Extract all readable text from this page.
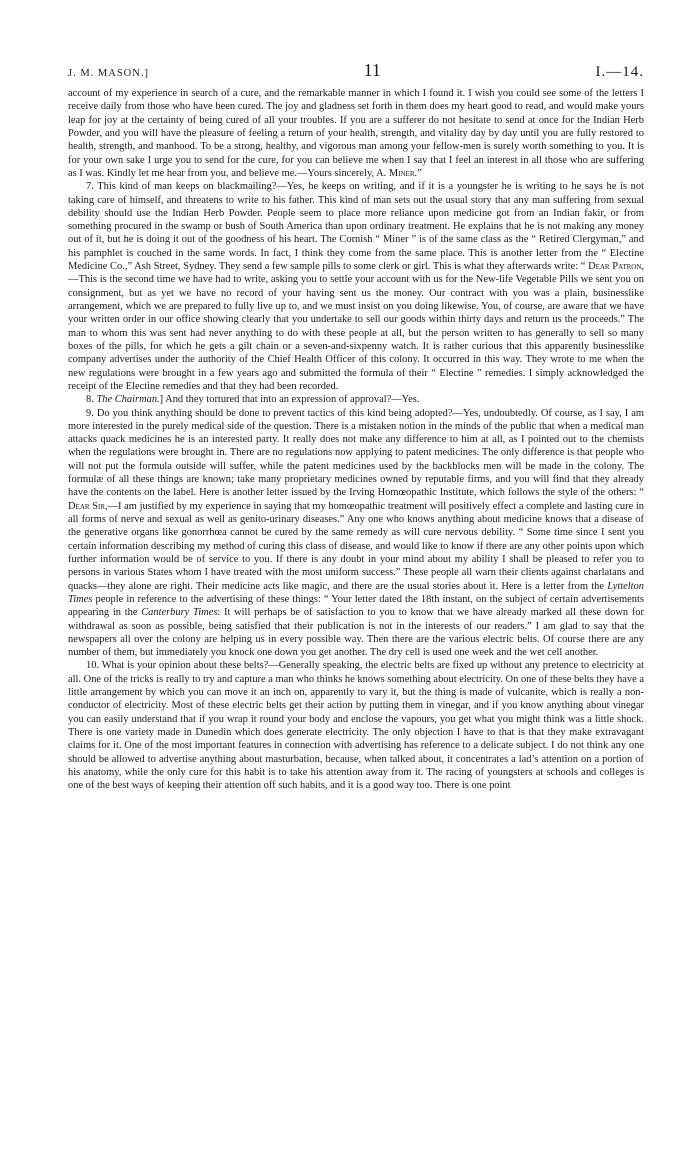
J. M. MASON.]	11	I.—14.

account of my experience in search of a cure, and the remarkable manner in which I found it. I wish you could see some of the letters I receive daily from those who have been cured. The joy and gladness set forth in them does my heart good to read, and would make yours leap for joy at the certainty of being cured of all your troubles. If you are a sufferer do not hesitate to send at once for the Indian Herb Powder, and you will have the pleasure of feeling a return of your health, strength, and vitality day by day until you are fully restored to health, strength, and manhood. To be a strong, healthy, and vigorous man among your fellow-men is surely worth something to you. It is for your own sake I urge you to send for the cure, for you can believe me when I say that I feel an interest in all those who are suffering as I was. Kindly let me hear from you, and believe me.—Yours sincerely, A. Miner.”

7. This kind of man keeps on blackmailing?—Yes, he keeps on writing, and if it is a youngster he is writing to he says he is not taking care of himself, and threatens to write to his father. This kind of man sets out the usual story that any man suffering from sexual debility should use the Indian Herb Powder. People seem to place more reliance upon medicine got from an Indian fakir, or from something procured in the swamp or bush of South America than upon ordinary treatment. He explains that he is not making any money out of it, but he is doing it out of the goodness of his heart. The Cornish “ Miner ” is of the same class as the “ Retired Clergyman,” and his pamphlet is couched in the same words. In fact, I think they come from the same place. This is another letter from the “ Electine Medicine Co.,” Ash Street, Sydney. They send a few sample pills to some clerk or girl. This is what they afterwards write: “ Dear Patron,—This is the second time we have had to write, asking you to settle your account with us for the New-life Vegetable Pills we sent you on consignment, but as yet we have no record of your having sent us the money. Our contract with you was a plain, businesslike arrangement, which we are prepared to fully live up to, and we must insist on you doing likewise. You, of course, are aware that we have your written order in our office showing clearly that you undertake to sell our goods within thirty days and return us the proceeds.” The man to whom this was sent had never anything to do with these people at all, but the person written to has generally to sell so many boxes of the pills, for which he gets a gilt chain or a seven-and-sixpenny watch. It is rather curious that this apparently businesslike company advertises under the authority of the Chief Health Officer of this colony. It occurred in this way. They wrote to me when the new regulations were brought in a few years ago and submitted the formula of their “ Electine ” remedies. I simply acknowledged the receipt of the Electine remedies and that they had been recorded.

8. The Chairman.] And they tortured that into an expression of approval?—Yes.

9. Do you think anything should be done to prevent tactics of this kind being adopted?—Yes, undoubtedly. Of course, as I say, I am more interested in the purely medical side of the question. There is a mistaken notion in the minds of the public that when a medical man attacks quack medicines he is an interested party. It really does not make any difference to him at all, as I pointed out to the chemists when the regulations were brought in. There are no regulations now applying to patent medicines. The only difference is that people who will not put the formula outside will suffer, while the patent medicines used by the backblocks men will be made in the colony. The formulæ of all these things are known; take many proprietary medicines owned by reputable firms, and you will find that they already have the contents on the label. Here is another letter issued by the Irving Homœopathic Institute, which follows the style of the others: “ Dear Sir,—I am justified by my experience in saying that my homœopathic treatment will positively effect a complete and lasting cure in all forms of nerve and sexual as well as genito-urinary diseases.” Any one who knows anything about medicine knows that a disease of the generative organs like gonorrhœa cannot be cured by the same remedy as will cure nervous debility. “ Some time since I sent you certain information describing my method of curing this class of disease, and would like to know if there are any other points upon which further information would be of service to you. If there is any doubt in your mind about my ability I shall be pleased to refer you to persons in various States whom I have treated with the most uniform success.” These people all warn their clients against charlatans and quacks—they alone are right. Their medicine acts like magic, and there are the usual stories about it. Here is a letter from the Lyttelton Times people in reference to the advertising of these things: “ Your letter dated the 18th instant, on the subject of certain advertisements appearing in the Canterbury Times: It will perhaps be of satisfaction to you to know that we have already marked all these down for withdrawal as soon as possible, being satisfied that their publication is not in the interests of our readers.” I am glad to say that the newspapers all over the colony are helping us in every possible way. Then there are the various electric belts. Of course there are any number of them, but immediately you knock one down you get another. The dry cell is used one week and the wet cell another.

10. What is your opinion about these belts?—Generally speaking, the electric belts are fixed up without any pretence to electricity at all. One of the tricks is really to try and capture a man who thinks he knows something about electricity. On one of these belts they have a little arrangement by which you can move it an inch on, apparently to vary it, but the thing is made of vulcanite, which is really a non-conductor of electricity. Most of these electric belts get their action by putting them in vinegar, and if you know anything about vinegar you can easily understand that if you wrap it round your body and enclose the vapours, you get what you might think was a little shock. There is one variety made in Dunedin which does generate electricity. The only objection I have to that is that they make extravagant claims for it. One of the most important features in connection with advertising has reference to a delicate subject. I do not think any one should be allowed to advertise anything about masturbation, because, when talked about, it concentrates a lad’s attention on a portion of his anatomy, while the only cure for this habit is to take his attention away from it. The racing of youngsters at schools and colleges is one of the best ways of keeping their attention off such habits, and it is a good way too. There is one point
